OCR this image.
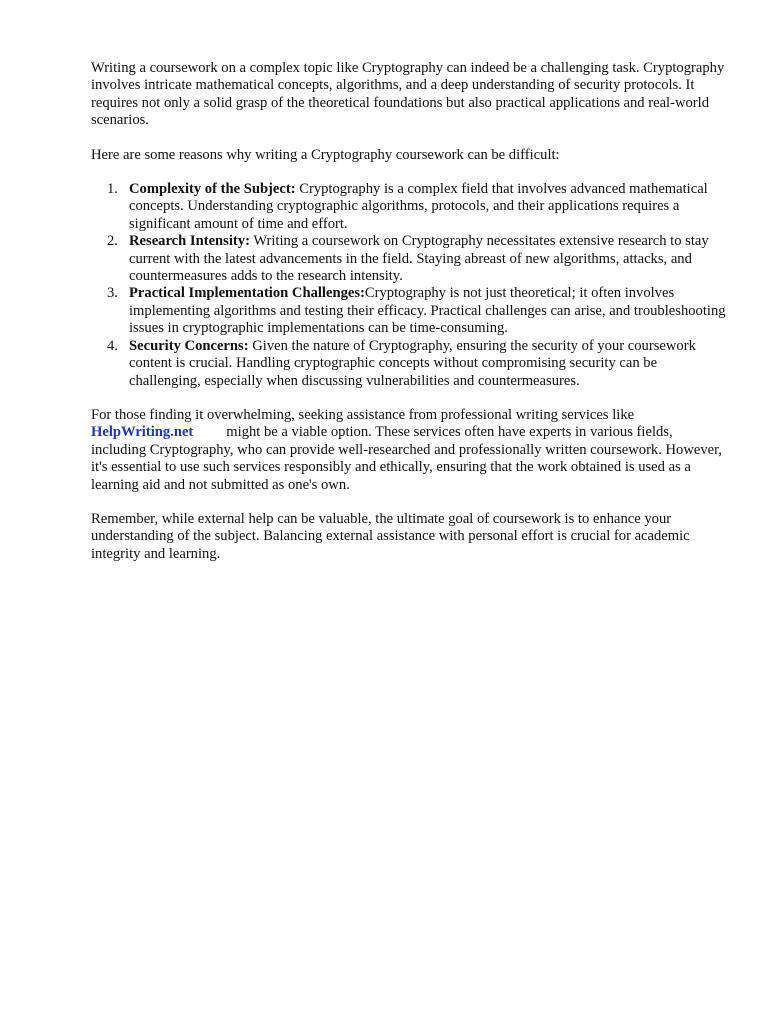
Writing a coursework on a complex topic like Cryptography can indeed be a challenging task. Cryptography involves intricate mathematical concepts, algorithms, and a deep understanding of security protocols. It requires not only a solid grasp of the theoretical foundations but also practical applications and real-world scenarios.

Here are some reasons why writing a Cryptography coursework can be difficult:

1. Complexity of the Subject: Cryptography is a complex field that involves advanced mathematical concepts. Understanding cryptographic algorithms, protocols, and their applications requires a significant amount of time and effort.
2. Research Intensity: Writing a coursework on Cryptography necessitates extensive research to stay current with the latest advancements in the field. Staying abreast of new algorithms, attacks, and countermeasures adds to the research intensity.
3. Practical Implementation Challenges:Cryptography is not just theoretical; it often involves implementing algorithms and testing their efficacy. Practical challenges can arise, and troubleshooting issues in cryptographic implementations can be time-consuming.
4. Security Concerns: Given the nature of Cryptography, ensuring the security of your coursework content is crucial. Handling cryptographic concepts without compromising security can be challenging, especially when discussing vulnerabilities and countermeasures.

For those finding it overwhelming, seeking assistance from professional writing services like
HelpWriting.net might be a viable option. These services often have experts in various fields, including Cryptography, who can provide well-researched and professionally written coursework. However, it's essential to use such services responsibly and ethically, ensuring that the work obtained is used as a learning aid and not submitted as one's own.

Remember, while external help can be valuable, the ultimate goal of coursework is to enhance your understanding of the subject. Balancing external assistance with personal effort is crucial for academic integrity and learning.
